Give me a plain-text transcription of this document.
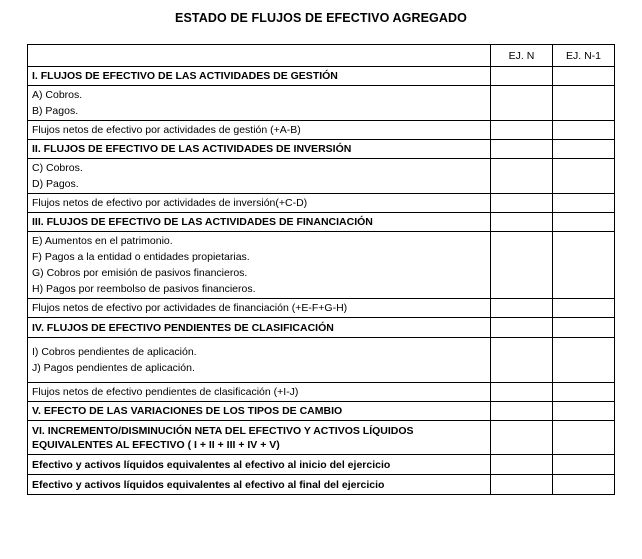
ESTADO DE FLUJOS DE EFECTIVO AGREGADO
	EJ. N	EJ. N-1
I. FLUJOS DE EFECTIVO DE LAS ACTIVIDADES DE GESTIÓN		

A) Cobros.
B) Pagos.		

Flujos netos de efectivo por actividades de gestión (+A-B)		
II. FLUJOS DE EFECTIVO DE LAS ACTIVIDADES DE INVERSIÓN		

C) Cobros.
D) Pagos.		

Flujos netos de efectivo por actividades de inversión(+C-D)		
III. FLUJOS DE EFECTIVO DE LAS ACTIVIDADES DE FINANCIACIÓN		

E) Aumentos en el patrimonio.
F) Pagos a la entidad o entidades propietarias.
G) Cobros por emisión de pasivos financieros.
H) Pagos por reembolso de pasivos financieros.		

Flujos netos de efectivo por actividades de financiación (+E-F+G-H)		
IV. FLUJOS DE EFECTIVO PENDIENTES DE CLASIFICACIÓN		

I) Cobros pendientes de aplicación.
J) Pagos pendientes de aplicación.		

Flujos netos de efectivo pendientes de clasificación (+I-J)		
V. EFECTO DE LAS VARIACIONES DE LOS TIPOS DE CAMBIO		
VI. INCREMENTO/DISMINUCIÓN NETA DEL EFECTIVO Y ACTIVOS LÍQUIDOS EQUIVALENTES AL EFECTIVO ( I + II + III + IV + V)		
Efectivo y activos líquidos equivalentes al efectivo al inicio del ejercicio		
Efectivo y activos líquidos equivalentes al efectivo al final del ejercicio		
